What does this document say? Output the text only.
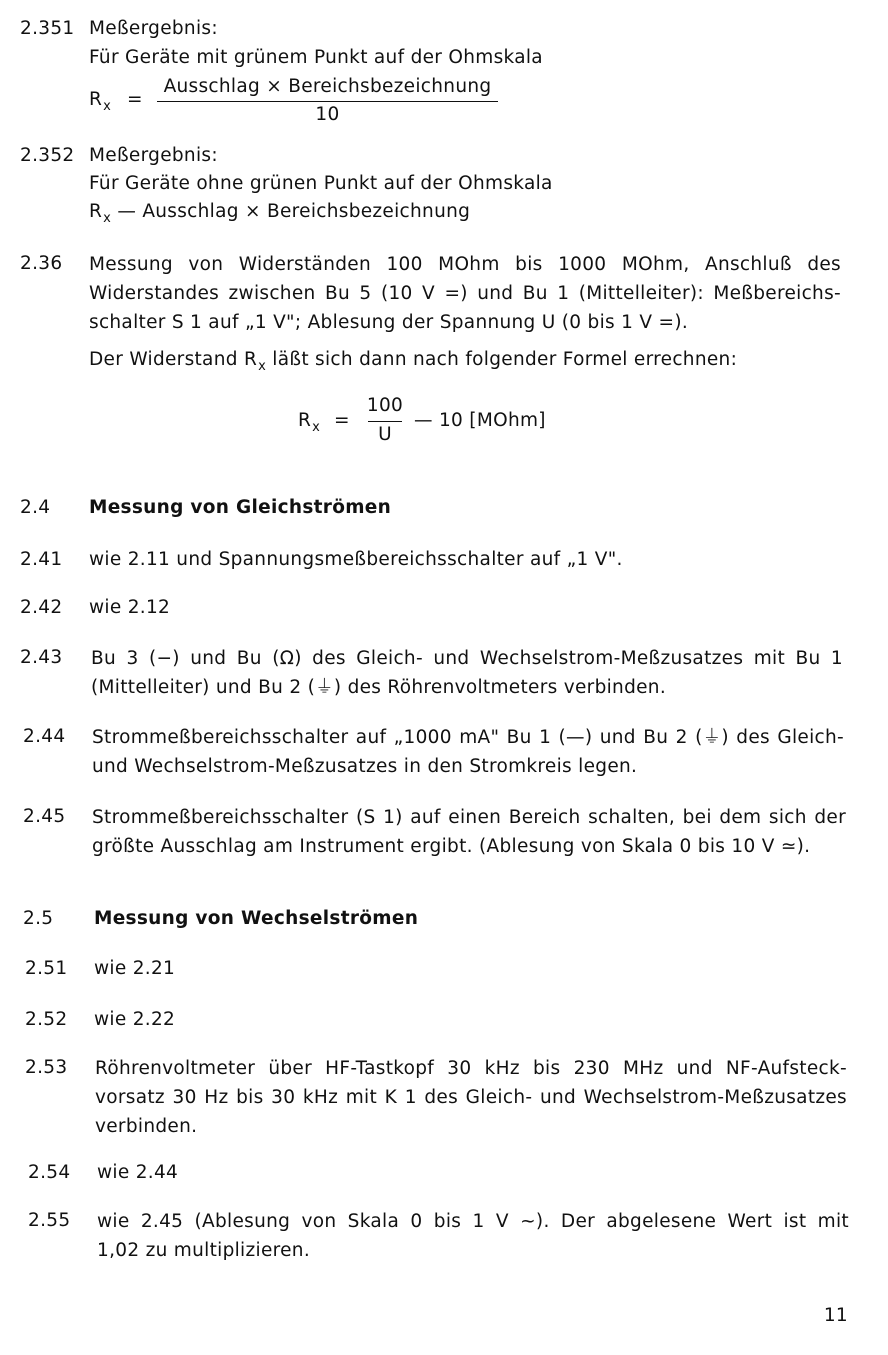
2.351 Meßergebnis:
Für Geräte mit grünem Punkt auf der Ohmskala
$R_x$ =
Ausschlag × Bereichsbezeichnung
10
2.352 Meßergebnis:
Für Geräte ohne grünen Punkt auf der Ohmskala
$R_x$ — Ausschlag × Bereichsbezeichnung
2.36 Messung von Widerständen 100 MOhm bis 1000 MOhm, Anschluß des
Widerstandes zwischen Bu 5 (10 V =) und Bu 1 (Mittelleiter): Meßbereichs-
schalter S 1 auf „1 V"; Ablesung der Spannung U (0 bis 1 V =).
Der Widerstand $R_x$ läßt sich dann nach folgender Formel errechnen:
$R_x$ =
100
U
— 10 [MOhm]
2.4 Messung von Gleichströmen
2.41 wie 2.11 und Spannungsmeßbereichsschalter auf „1 V".
2.42 wie 2.12
2.43 Bu 3 (−) und Bu (Ω) des Gleich- und Wechselstrom-Meßzusatzes mit Bu 1
(Mittelleiter) und Bu 2 (⏚) des Röhrenvoltmeters verbinden.
2.44 Strommeßbereichsschalter auf „1000 mA" Bu 1 (—) und Bu 2 (⏚) des Gleich-
und Wechselstrom-Meßzusatzes in den Stromkreis legen.
2.45 Strommeßbereichsschalter (S 1) auf einen Bereich schalten, bei dem sich der
größte Ausschlag am Instrument ergibt. (Ablesung von Skala 0 bis 10 V ≃).
2.5 Messung von Wechselströmen
2.51 wie 2.21
2.52 wie 2.22
2.53 Röhrenvoltmeter über HF-Tastkopf 30 kHz bis 230 MHz und NF-Aufsteck-
vorsatz 30 Hz bis 30 kHz mit K 1 des Gleich- und Wechselstrom-Meßzusatzes
verbinden.
2.54 wie 2.44
2.55 wie 2.45 (Ablesung von Skala 0 bis 1 V ~). Der abgelesene Wert ist mit
1,02 zu multiplizieren.
11
